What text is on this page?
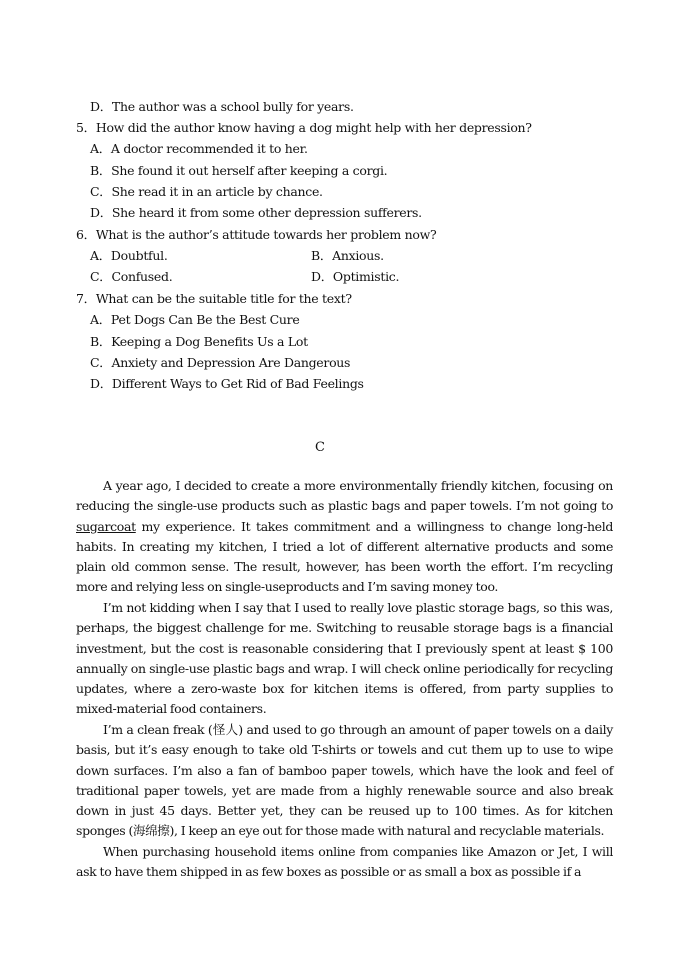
D．The author was a school bully for years.
5．How did the author know having a dog might help with her depression?
A．A doctor recommended it to her.
B．She found it out herself after keeping a corgi.
C．She read it in an article by chance.
D．She heard it from some other depression sufferers.
6．What is the author’s attitude towards her problem now?
A．Doubtful.	B．Anxious.
C．Confused.	D．Optimistic.
7．What can be the suitable title for the text?
A．Pet Dogs Can Be the Best Cure
B．Keeping a Dog Benefits Us a Lot
C．Anxiety and Depression Are Dangerous
D．Different Ways to Get Rid of Bad Feelings
C
A year ago, I decided to create a more environmentally friendly kitchen, focusing on reducing the single-use products such as plastic bags and paper towels. I’m not going to sugarcoat my experience. It takes commitment and a willingness to change long-held habits. In creating my kitchen, I tried a lot of different alternative products and some plain old common sense. The result, however, has been worth the effort. I’m recycling more and relying less on single-useproducts and I’m saving money too.
I’m not kidding when I say that I used to really love plastic storage bags, so this was, perhaps, the biggest challenge for me. Switching to reusable storage bags is a financial investment, but the cost is reasonable considering that I previously spent at least $ 100 annually on single-use plastic bags and wrap. I will check online periodically for recycling updates, where a zero-waste box for kitchen items is offered, from party supplies to mixed-material food containers.
I’m a clean freak (怪人) and used to go through an amount of paper towels on a daily basis, but it’s easy enough to take old T-shirts or towels and cut them up to use to wipe down surfaces. I’m also a fan of bamboo paper towels, which have the look and feel of traditional paper towels, yet are made from a highly renewable source and also break down in just 45 days. Better yet, they can be reused up to 100 times. As for kitchen sponges (海绵擦), I keep an eye out for those made with natural and recyclable materials.
When purchasing household items online from companies like Amazon or Jet, I will ask to have them shipped in as few boxes as possible or as small a box as possible if a
